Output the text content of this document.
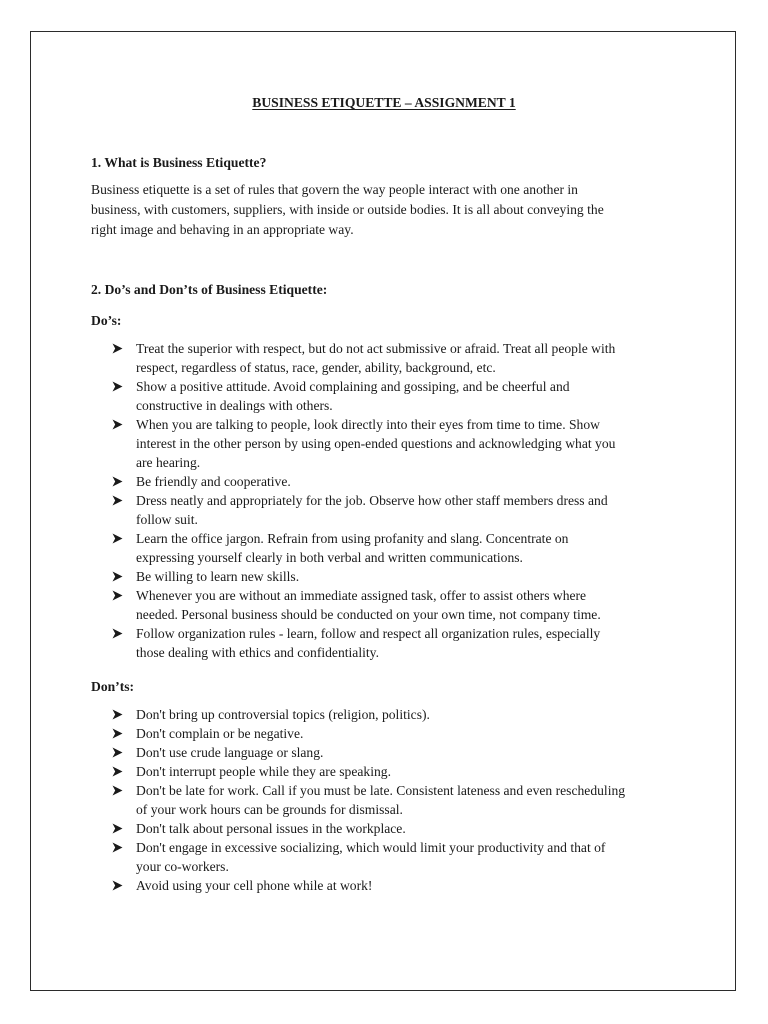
BUSINESS ETIQUETTE – ASSIGNMENT 1
1. What is Business Etiquette?
Business etiquette is a set of rules that govern the way people interact with one another in
business, with customers, suppliers, with inside or outside bodies. It is all about conveying the
right image and behaving in an appropriate way.
2. Do’s and Don’ts of Business Etiquette:
Do’s:
Treat the superior with respect, but do not act submissive or afraid. Treat all people with
respect, regardless of status, race, gender, ability, background, etc.
Show a positive attitude. Avoid complaining and gossiping, and be cheerful and
constructive in dealings with others.
When you are talking to people, look directly into their eyes from time to time. Show
interest in the other person by using open-ended questions and acknowledging what you
are hearing.
Be friendly and cooperative.
Dress neatly and appropriately for the job. Observe how other staff members dress and
follow suit.
Learn the office jargon. Refrain from using profanity and slang. Concentrate on
expressing yourself clearly in both verbal and written communications.
Be willing to learn new skills.
Whenever you are without an immediate assigned task, offer to assist others where
needed. Personal business should be conducted on your own time, not company time.
Follow organization rules - learn, follow and respect all organization rules, especially
those dealing with ethics and confidentiality.
Don’ts:
Don't bring up controversial topics (religion, politics).
Don't complain or be negative.
Don't use crude language or slang.
Don't interrupt people while they are speaking.
Don't be late for work. Call if you must be late. Consistent lateness and even rescheduling
of your work hours can be grounds for dismissal.
Don't talk about personal issues in the workplace.
Don't engage in excessive socializing, which would limit your productivity and that of
your co-workers.
Avoid using your cell phone while at work!
